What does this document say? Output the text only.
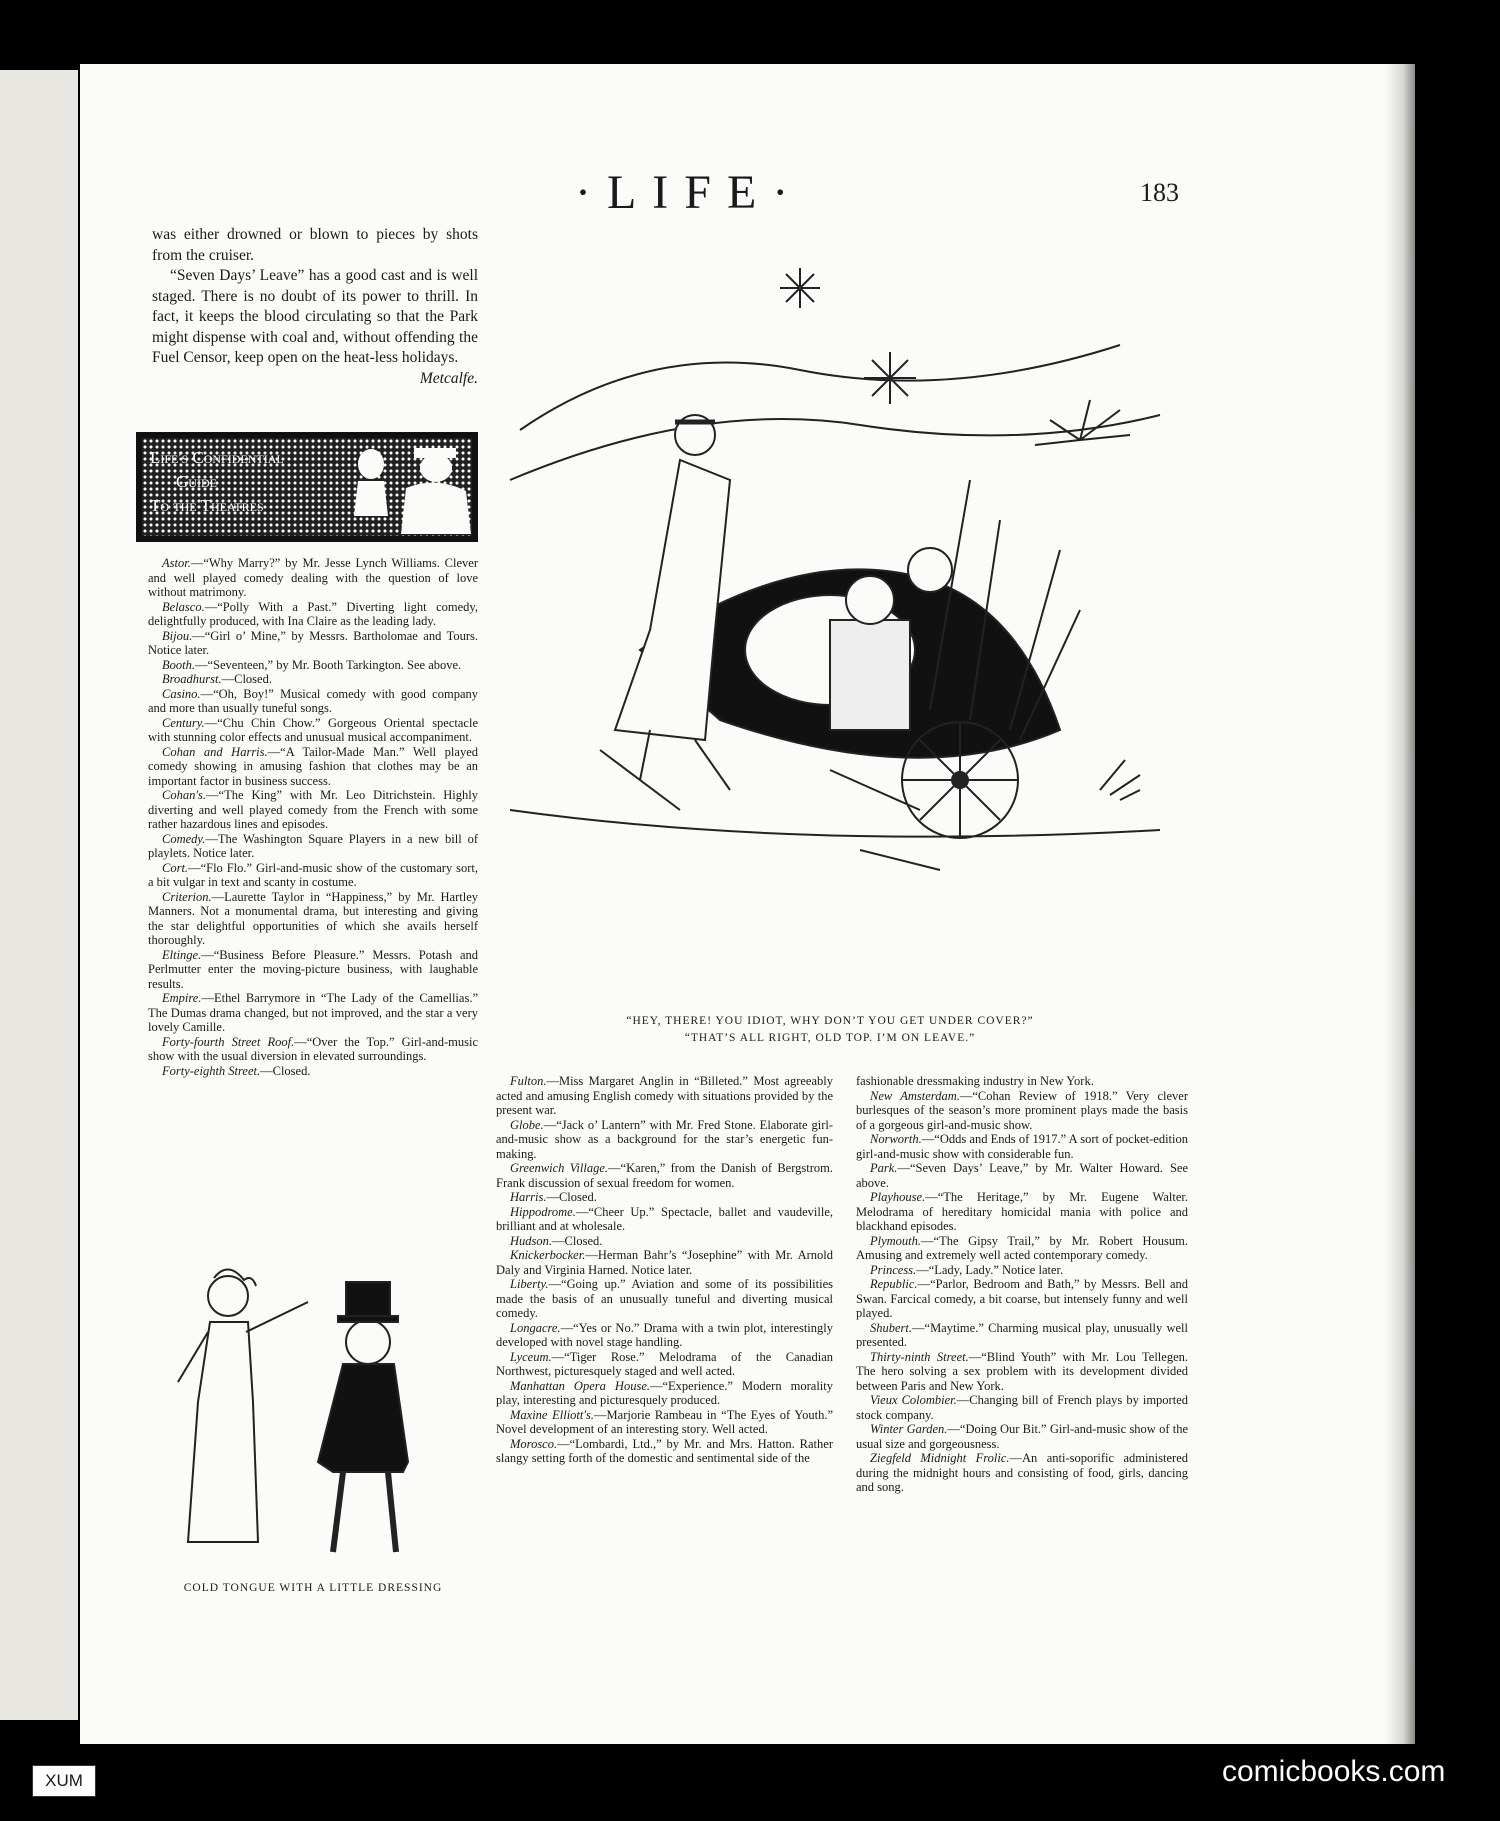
·LIFE·	183

was either drowned or blown to pieces by shots from the cruiser.

“Seven Days’ Leave” has a good cast and is well staged. There is no doubt of its power to thrill. In fact, it keeps the blood circulating so that the Park might dispense with coal and, without offending the Fuel Censor, keep open on the heat-less holidays.
Metcalfe.

Life's Confidential
Guide
To the Theatres

Astor.—“Why Marry?” by Mr. Jesse Lynch Williams. Clever and well played comedy dealing with the question of love without matrimony.

Belasco.—“Polly With a Past.” Diverting light comedy, delightfully produced, with Ina Claire as the leading lady.

Bijou.—“Girl o’ Mine,” by Messrs. Bartholomae and Tours. Notice later.

Booth.—“Seventeen,” by Mr. Booth Tarkington. See above.

Broadhurst.—Closed.

Casino.—“Oh, Boy!” Musical comedy with good company and more than usually tuneful songs.

Century.—“Chu Chin Chow.” Gorgeous Oriental spectacle with stunning color effects and unusual musical accompaniment.

Cohan and Harris.—“A Tailor-Made Man.” Well played comedy showing in amusing fashion that clothes may be an important factor in business success.

Cohan's.—“The King” with Mr. Leo Ditrichstein. Highly diverting and well played comedy from the French with some rather hazardous lines and episodes.

Comedy.—The Washington Square Players in a new bill of playlets. Notice later.

Cort.—“Flo Flo.” Girl-and-music show of the customary sort, a bit vulgar in text and scanty in costume.

Criterion.—Laurette Taylor in “Happiness,” by Mr. Hartley Manners. Not a monumental drama, but interesting and giving the star delightful opportunities of which she avails herself thoroughly.

Eltinge.—“Business Before Pleasure.” Messrs. Potash and Perlmutter enter the moving-picture business, with laughable results.

Empire.—Ethel Barrymore in “The Lady of the Camellias.” The Dumas drama changed, but not improved, and the star a very lovely Camille.

Forty-fourth Street Roof.—“Over the Top.” Girl-and-music show with the usual diversion in elevated surroundings.

Forty-eighth Street.—Closed.

Fulton.—Miss Margaret Anglin in “Billeted.” Most agreeably acted and amusing English comedy with situations provided by the present war.

Globe.—“Jack o’ Lantern” with Mr. Fred Stone. Elaborate girl-and-music show as a background for the star’s energetic fun-making.

Greenwich Village.—“Karen,” from the Danish of Bergstrom. Frank discussion of sexual freedom for women.

Harris.—Closed.

Hippodrome.—“Cheer Up.” Spectacle, ballet and vaudeville, brilliant and at wholesale.

Hudson.—Closed.

Knickerbocker.—Herman Bahr’s “Josephine” with Mr. Arnold Daly and Virginia Harned. Notice later.

Liberty.—“Going up.” Aviation and some of its possibilities made the basis of an unusually tuneful and diverting musical comedy.

Longacre.—“Yes or No.” Drama with a twin plot, interestingly developed with novel stage handling.

Lyceum.—“Tiger Rose.” Melodrama of the Canadian Northwest, picturesquely staged and well acted.

Manhattan Opera House.—“Experience.” Modern morality play, interesting and picturesquely produced.

Maxine Elliott's.—Marjorie Rambeau in “The Eyes of Youth.” Novel development of an interesting story. Well acted.

Morosco.—“Lombardi, Ltd.,” by Mr. and Mrs. Hatton. Rather slangy setting forth of the domestic and sentimental side of the

fashionable dressmaking industry in New York.

New Amsterdam.—“Cohan Review of 1918.” Very clever burlesques of the season’s more prominent plays made the basis of a gorgeous girl-and-music show.

Norworth.—“Odds and Ends of 1917.” A sort of pocket-edition girl-and-music show with considerable fun.

Park.—“Seven Days’ Leave,” by Mr. Walter Howard. See above.

Playhouse.—“The Heritage,” by Mr. Eugene Walter. Melodrama of hereditary homicidal mania with police and blackhand episodes.

Plymouth.—“The Gipsy Trail,” by Mr. Robert Housum. Amusing and extremely well acted contemporary comedy.

Princess.—“Lady, Lady.” Notice later.

Republic.—“Parlor, Bedroom and Bath,” by Messrs. Bell and Swan. Farcical comedy, a bit coarse, but intensely funny and well played.

Shubert.—“Maytime.” Charming musical play, unusually well presented.

Thirty-ninth Street.—“Blind Youth” with Mr. Lou Tellegen. The hero solving a sex problem with its development divided between Paris and New York.

Vieux Colombier.—Changing bill of French plays by imported stock company.

Winter Garden.—“Doing Our Bit.” Girl-and-music show of the usual size and gorgeousness.

Ziegfeld Midnight Frolic.—An anti-soporific administered during the midnight hours and consisting of food, girls, dancing and song.

“HEY, THERE! YOU IDIOT, WHY DON’T YOU GET UNDER COVER?”
“THAT’S ALL RIGHT, OLD TOP. I’M ON LEAVE.”
COLD TONGUE WITH A LITTLE DRESSING
XUM	comicbooks.com
